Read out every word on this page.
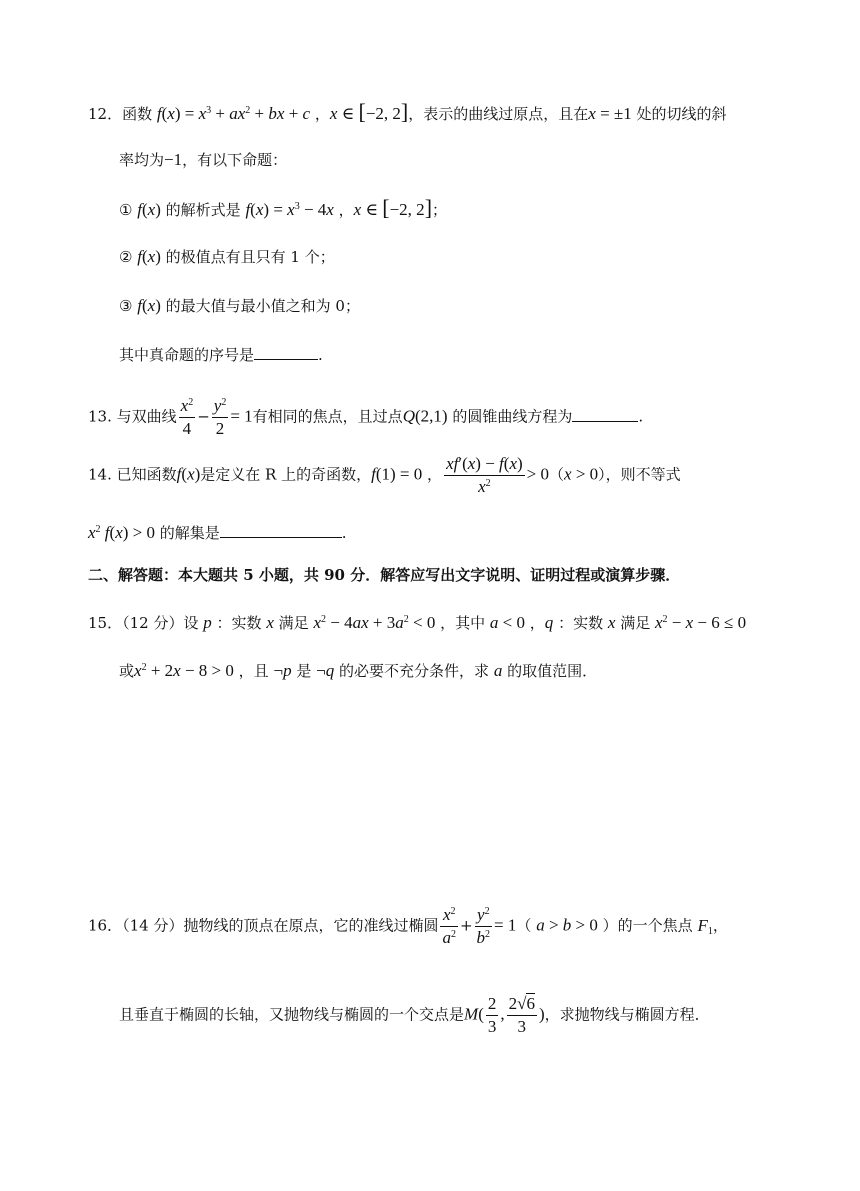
12．函数 $f(x) = x^3 + ax^2$ + bx + c ，x ∈ [−2, 2]，表示的曲线过原点，且在x = ±1 处的切线的斜
率均为−1，有以下命题：
① f(x) 的解析式是 $f(x) = x^3 - 4x$ ，x ∈ [−2, 2]；
② f(x) 的极值点有且只有 1 个；
③ f(x) 的最大值与最小值之和为 0；
其中真命题的序号是	.
13. 与双曲线 $\frac{x^2}{4} - \frac{y^2}{2} = 1$有相同的焦点，且过点Q(2,1) 的圆锥曲线方程为	.
14. 已知函数f(x)是定义在 R 上的奇函数，f(1) = 0 ， $\frac{xf'(x) - f(x)}{x^2} > 0(x > 0)$，则不等式
$x^2$ f(x) > 0 的解集是	.
二、解答题：本大题共 5 小题，共 90 分．解答应写出文字说明、证明过程或演算步骤．
15．（12 分）设 p ：实数 x 满足 $x^2 - 4ax + 3a^2 < 0$ ，其中 a < 0 ，q ：实数 x 满足 $x^2 - x - 6 \le 0$
或$x^2 + 2x - 8 > 0$ ，且 ¬p 是 ¬q 的必要不充分条件，求 a 的取值范围．
16．（14 分）抛物线的顶点在原点，它的准线过椭圆 $\frac{x^2}{a^2} + \frac{y^2}{b^2} = 1$（ a > b > 0 ）的一个焦点 $F_1$，
且垂直于椭圆的长轴，又抛物线与椭圆的一个交点是$M( \frac{2}{3}$ , $\frac{2√6}{3}$ )，求抛物线与椭圆方程．
